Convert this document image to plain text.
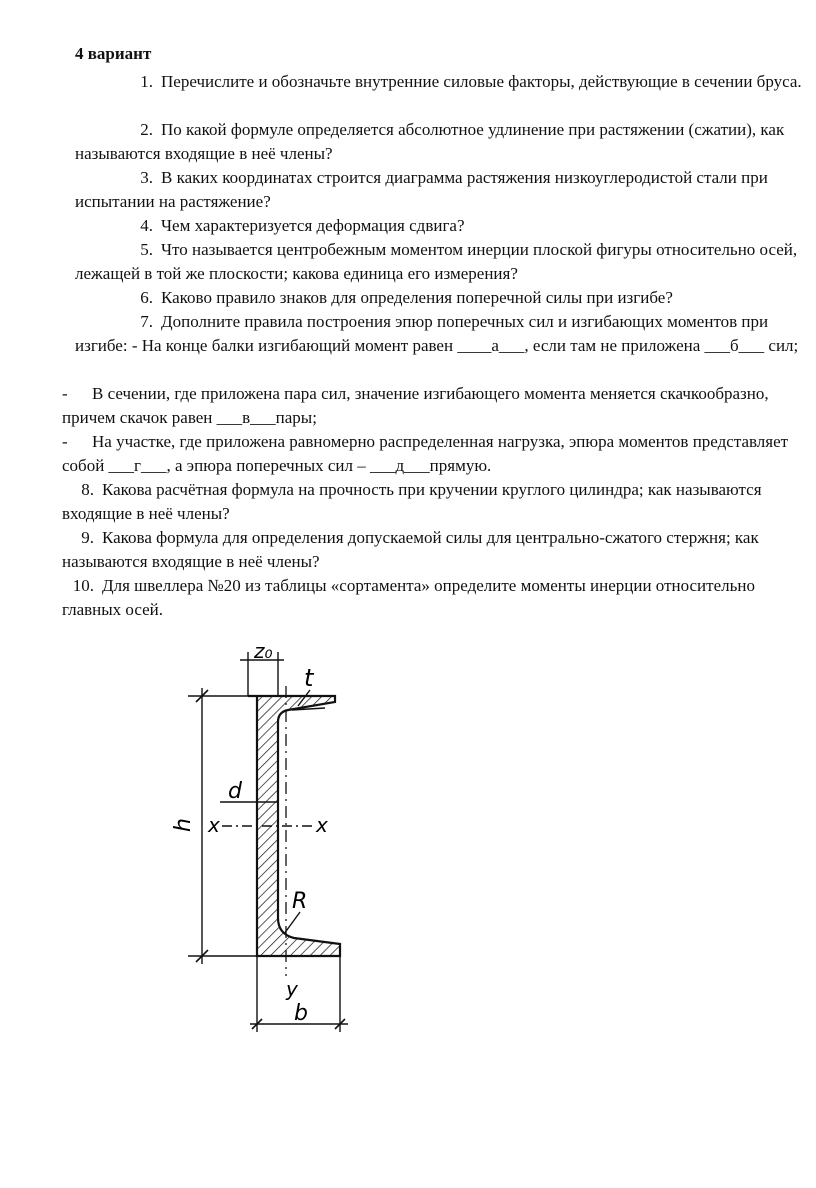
4 вариант
1. Перечислите и обозначьте внутренние силовые факторы, действующие в сечении бруса.
2. По какой формуле определяется абсолютное удлинение при растяжении (сжатии), как называются входящие в неё члены?
3. В каких координатах строится диаграмма растяжения низкоуглеродистой стали при испытании на растяжение?
4. Чем характеризуется деформация сдвига?
5. Что называется центробежным моментом инерции плоской фигуры относительно осей, лежащей в той же плоскости; какова единица его измерения?
6. Каково правило знаков для определения поперечной силы при изгибе?
7. Дополните правила построения эпюр поперечных сил и изгибающих моментов при изгибе: - На конце балки изгибающий момент равен ____а___, если там не приложена ___б___ сил;
- В сечении, где приложена пара сил, значение изгибающего момента меняется скачкообразно, причем скачок равен ___в___пары;
- На участке, где приложена равномерно распределенная нагрузка, эпюра моментов представляет собой ___г___, а эпюра поперечных сил – ___д___прямую.
8. Какова расчётная формула на прочность при кручении круглого цилиндра; как называются входящие в неё члены?
9. Какова формула для определения допускаемой силы для центрально-сжатого стержня; как называются входящие в неё члены?
10. Для швеллера №20 из таблицы «сортамента» определите моменты инерции относительно главных осей.
h
z₀
t
d
x	x
y
R
b
